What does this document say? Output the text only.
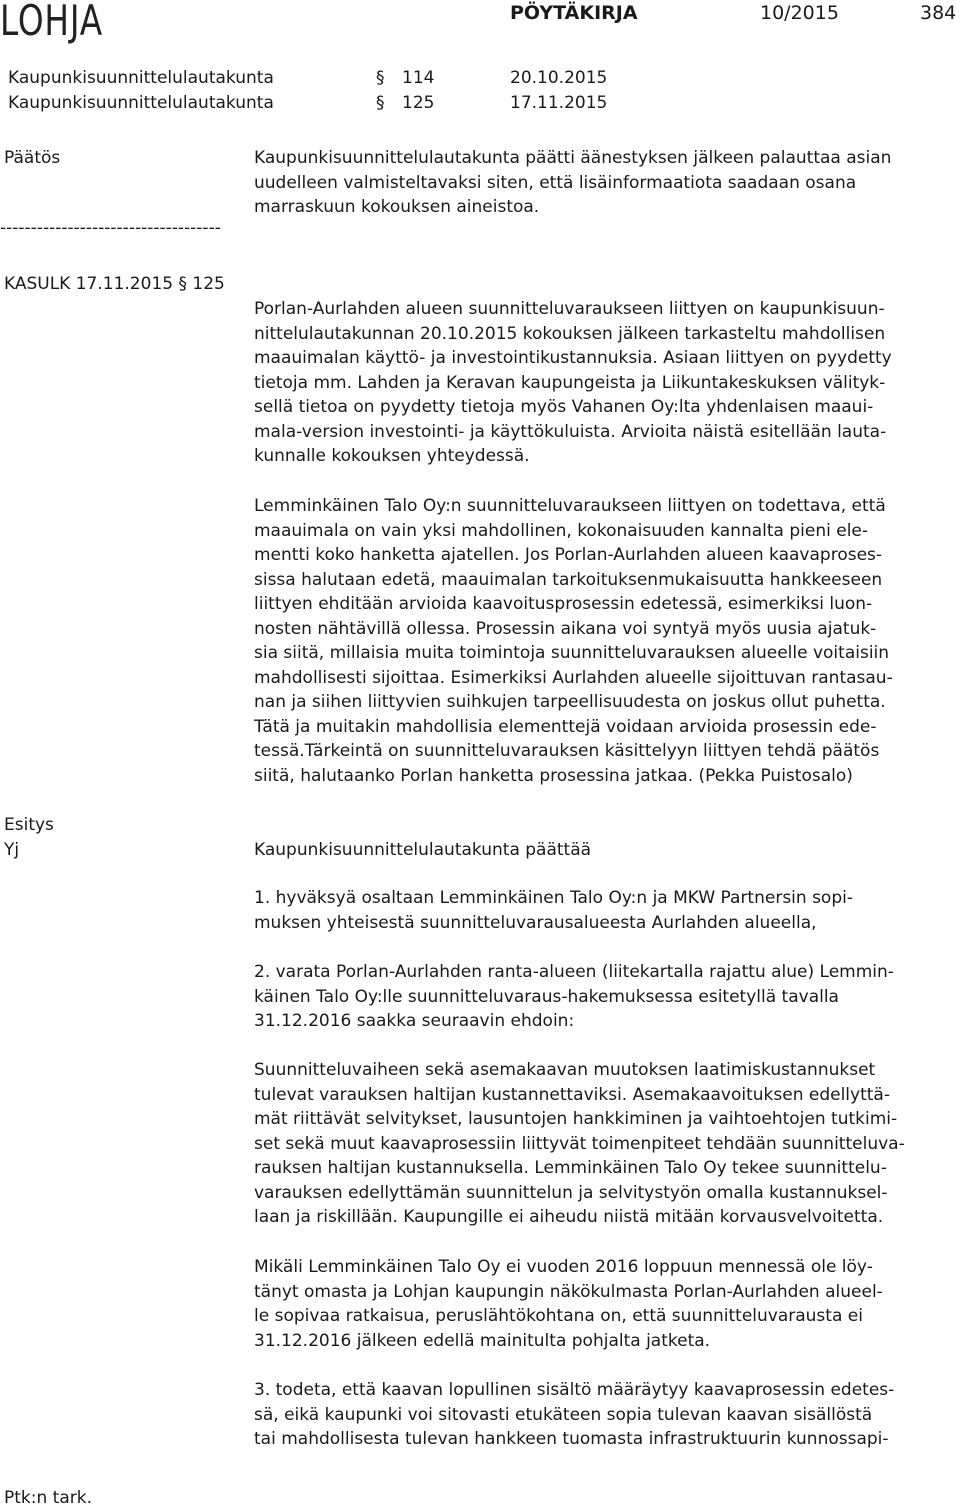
LOHJA	PÖYTÄKIRJA	10/2015	384
Kaupunkisuunnittelulautakunta	§ 114	20.10.2015
Kaupunkisuunnittelulautakunta	§ 125	17.11.2015
Päätös	Kaupunkisuunnittelulautakunta päätti äänestyksen jälkeen palauttaa asian

uudelleen valmisteltavaksi siten, että lisäinformaatiota saadaan osana

marraskuun kokouksen aineistoa.

------------------------------------
KASULK 17.11.2015 § 125

Porlan-Aurlahden alueen suunnitteluvaraukseen liittyen on kaupunkisuun-

nittelulautakunnan 20.10.2015 kokouksen jälkeen tarkasteltu mahdollisen

maauimalan käyttö- ja investointikustannuksia. Asiaan liittyen on pyydetty

tietoja mm. Lahden ja Keravan kaupungeista ja Liikuntakeskuksen välityk-

sellä tietoa on pyydetty tietoja myös Vahanen Oy:lta yhdenlaisen maaui-

mala-version investointi- ja käyttökuluista. Arvioita näistä esitellään lauta-

kunnalle kokouksen yhteydessä.

Lemminkäinen Talo Oy:n suunnitteluvaraukseen liittyen on todettava, että

maauimala on vain yksi mahdollinen, kokonaisuuden kannalta pieni ele-

mentti koko hanketta ajatellen. Jos Porlan-Aurlahden alueen kaavaproses-

sissa halutaan edetä, maauimalan tarkoituksenmukaisuutta hankkeeseen

liittyen ehditään arvioida kaavoitusprosessin edetessä, esimerkiksi luon-

nosten nähtävillä ollessa. Prosessin aikana voi syntyä myös uusia ajatuk-

sia siitä, millaisia muita toimintoja suunnitteluvarauksen alueelle voitaisiin

mahdollisesti sijoittaa. Esimerkiksi Aurlahden alueelle sijoittuvan rantasau-

nan ja siihen liittyvien suihkujen tarpeellisuudesta on joskus ollut puhetta.

Tätä ja muitakin mahdollisia elementtejä voidaan arvioida prosessin ede-

tessä.Tärkeintä on suunnitteluvarauksen käsittelyyn liittyen tehdä päätös

siitä, halutaanko Porlan hanketta prosessina jatkaa. (Pekka Puistosalo)

Esitys
Yj	Kaupunkisuunnittelulautakunta päättää

1. hyväksyä osaltaan Lemminkäinen Talo Oy:n ja MKW Partnersin sopi-

muksen yhteisestä suunnitteluvarausalueesta Aurlahden alueella,

2. varata Porlan-Aurlahden ranta-alueen (liitekartalla rajattu alue) Lemmin-

käinen Talo Oy:lle suunnitteluvaraus-hakemuksessa esitetyllä tavalla

31.12.2016 saakka seuraavin ehdoin:

Suunnitteluvaiheen sekä asemakaavan muutoksen laatimiskustannukset

tulevat varauksen haltijan kustannettaviksi. Asemakaavoituksen edellyttä-

mät riittävät selvitykset, lausuntojen hankkiminen ja vaihtoehtojen tutkimi-

set sekä muut kaavaprosessiin liittyvät toimenpiteet tehdään suunnitteluva-

rauksen haltijan kustannuksella. Lemminkäinen Talo Oy tekee suunnittelu-

varauksen edellyttämän suunnittelun ja selvitystyön omalla kustannuksel-

laan ja riskillään. Kaupungille ei aiheudu niistä mitään korvausvelvoitetta.

Mikäli Lemminkäinen Talo Oy ei vuoden 2016 loppuun mennessä ole löy-

tänyt omasta ja Lohjan kaupungin näkökulmasta Porlan-Aurlahden alueel-

le sopivaa ratkaisua, peruslähtökohtana on, että suunnitteluvarausta ei

31.12.2016 jälkeen edellä mainitulta pohjalta jatketa.

3. todeta, että kaavan lopullinen sisältö määräytyy kaavaprosessin edetes-

sä, eikä kaupunki voi sitovasti etukäteen sopia tulevan kaavan sisällöstä

tai mahdollisesta tulevan hankkeen tuomasta infrastruktuurin kunnossapi-

Ptk:n tark.
